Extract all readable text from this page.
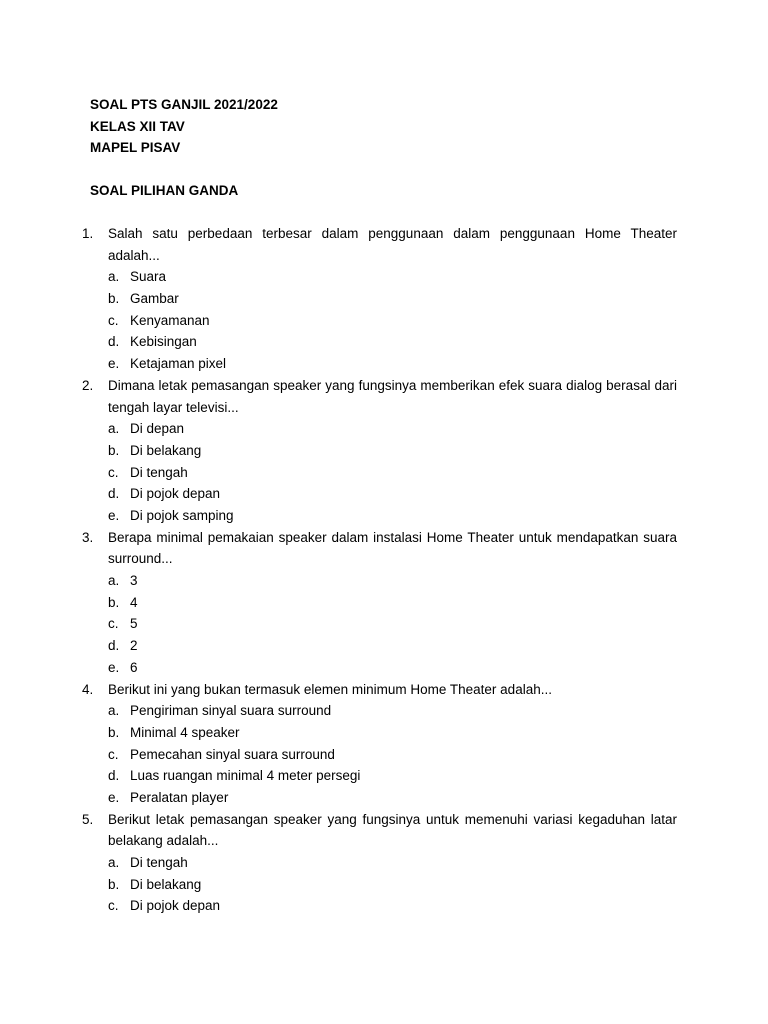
SOAL PTS GANJIL 2021/2022
KELAS XII TAV
MAPEL PISAV
SOAL PILIHAN GANDA
1.	Salah satu perbedaan terbesar dalam penggunaan dalam penggunaan Home Theater adalah...
a. Suara
b. Gambar
c. Kenyamanan
d. Kebisingan
e. Ketajaman pixel
2.	Dimana letak pemasangan speaker yang fungsinya memberikan efek suara dialog berasal dari tengah layar televisi...
a. Di depan
b. Di belakang
c. Di tengah
d. Di pojok depan
e. Di pojok samping
3.	Berapa minimal pemakaian speaker dalam instalasi Home Theater untuk mendapatkan suara surround...
a. 3
b. 4
c. 5
d. 2
e. 6
4.	Berikut ini yang bukan termasuk elemen minimum Home Theater adalah...
a. Pengiriman sinyal suara surround
b. Minimal 4 speaker
c. Pemecahan sinyal suara surround
d. Luas ruangan minimal 4 meter persegi
e. Peralatan player
5.	Berikut letak pemasangan speaker yang fungsinya untuk memenuhi variasi kegaduhan latar belakang adalah...
a. Di tengah
b. Di belakang
c. Di pojok depan
